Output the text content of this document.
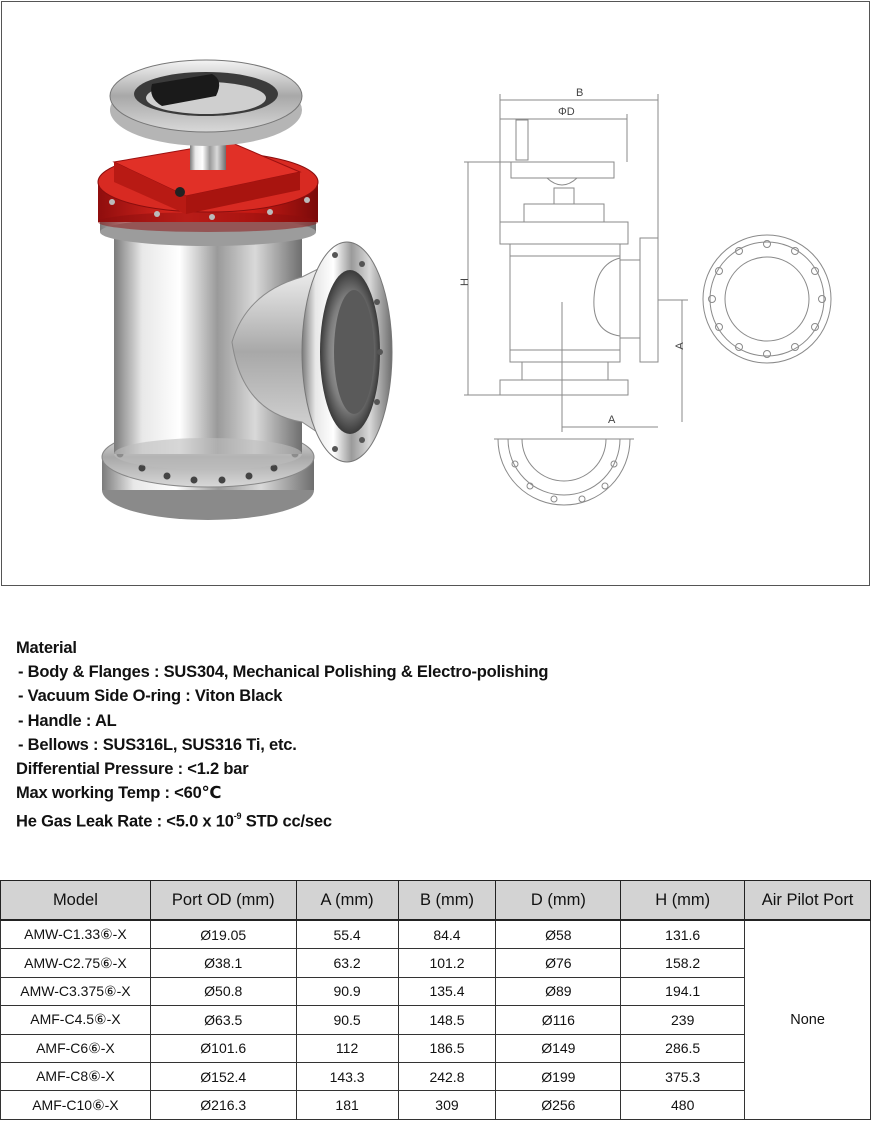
B
ΦD
H
A
A
Material
- Body & Flanges : SUS304, Mechanical Polishing & Electro-polishing
- Vacuum Side O-ring : Viton Black
- Handle : AL
- Bellows : SUS316L, SUS316 Ti, etc.
Differential Pressure : <1.2 bar
Max working Temp : <60℃
He Gas Leak Rate : <5.0 x $10^{-9}$ STD cc/sec
Model	Port OD (mm)	A (mm)	B (mm)	D (mm)	H (mm)	Air Pilot Port
AMW-C1.33⑥-X	Ø19.05	55.4	84.4	Ø58	131.6	None
AMW-C2.75⑥-X	Ø38.1	63.2	101.2	Ø76	158.2	
AMW-C3.375⑥-X	Ø50.8	90.9	135.4	Ø89	194.1	
AMF-C4.5⑥-X	Ø63.5	90.5	148.5	Ø116	239	
AMF-C6⑥-X	Ø101.6	112	186.5	Ø149	286.5	
AMF-C8⑥-X	Ø152.4	143.3	242.8	Ø199	375.3	
AMF-C10⑥-X	Ø216.3	181	309	Ø256	480	
